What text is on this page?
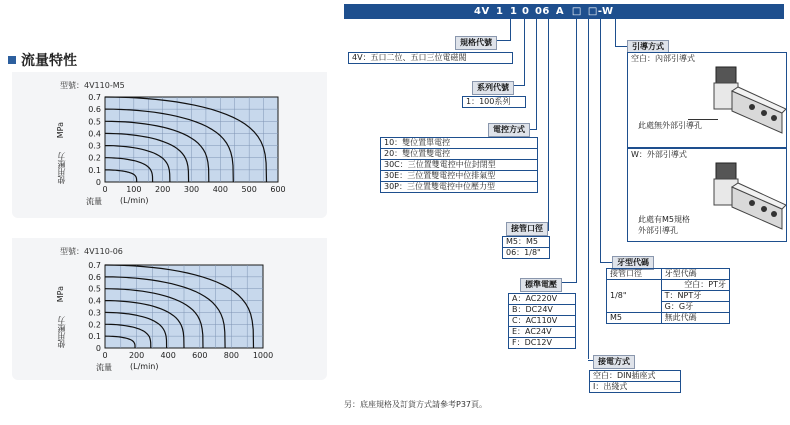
流量特性
型號：4V110-M5
MPa
使用壓力	0
0.1
0.2
0.3
0.4
0.5
0.6
0.7
0 100 200 300 400 500 600
流量 (L/min)
型號：4V110-06
MPa
使用壓力
0
0.1
0.2
0.3
0.4
0.5
0.6
0.7
0	200 400 600 800 1000
流量 (L/min)
4V 1 1 0 06 A □ □-W
規格代號
4V：五口二位、五口三位電磁閥
系列代號
1：100系列
電控方式
10：雙位置單電控
20：雙位置雙電控
30C：三位置雙電控中位封閉型
30E：三位置雙電控中位排氣型
30P：三位置雙電控中位壓力型
接管口徑
M5：M5
06：1/8"
標準電壓
A：AC220V
B：DC24V
C：AC110V
E：AC24V
F：DC12V
接電方式
空白：DIN插座式
I：出綫式
引導方式
空白：內部引導式
此處無外部引導孔
W：外部引導式
此處有M5規格
外部引導孔
牙型代碼
接管口徑	牙型代碼
1/8"	空白：PT牙
	T：NPT牙
	G：G牙
M5	無此代碼
另：底座規格及訂貨方式請參考P37頁。
